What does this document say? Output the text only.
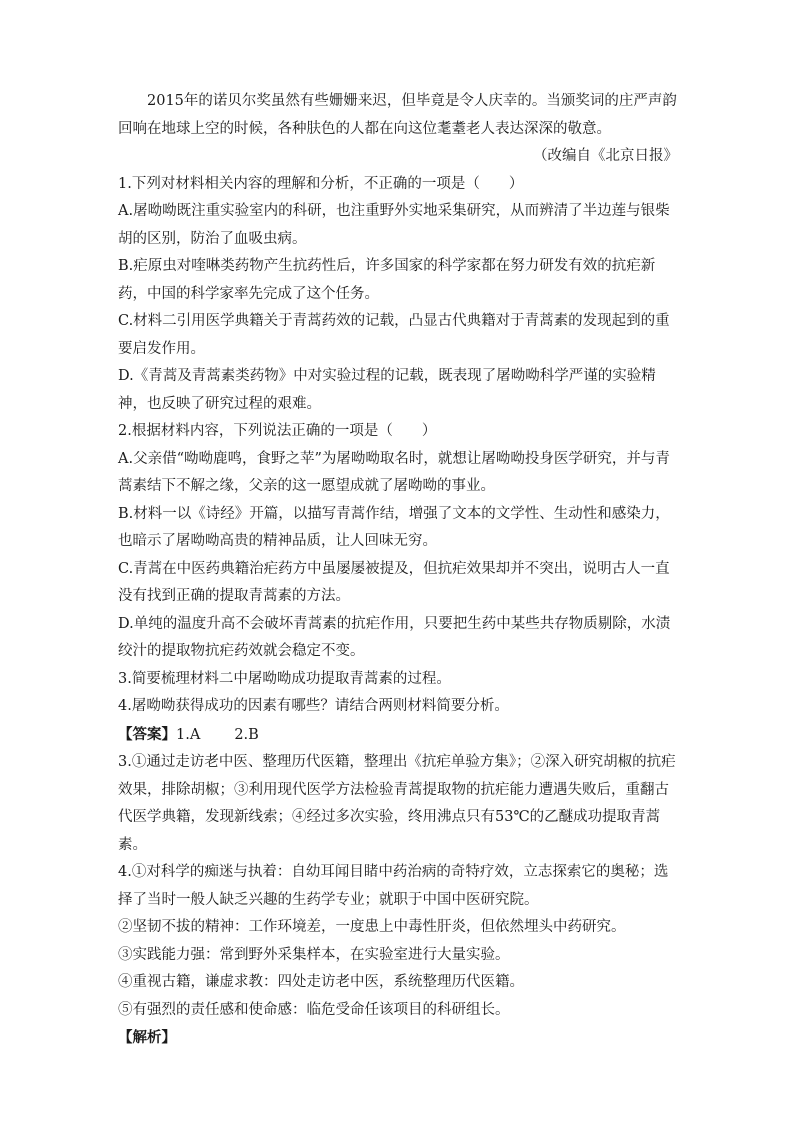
2015年的诺贝尔奖虽然有些姗姗来迟，但毕竟是令人庆幸的。当颁奖词的庄严声韵回响在地球上空的时候，各种肤色的人都在向这位耄耋老人表达深深的敬意。

（改编自《北京日报》

1.下列对材料相关内容的理解和分析，不正确的一项是（　　）

A.屠呦呦既注重实验室内的科研，也注重野外实地采集研究，从而辨清了半边莲与银柴胡的区别，防治了血吸虫病。

B.疟原虫对喹啉类药物产生抗药性后，许多国家的科学家都在努力研发有效的抗疟新药，中国的科学家率先完成了这个任务。

C.材料二引用医学典籍关于青蒿药效的记载，凸显古代典籍对于青蒿素的发现起到的重要启发作用。

D.《青蒿及青蒿素类药物》中对实验过程的记载，既表现了屠呦呦科学严谨的实验精神，也反映了研究过程的艰难。

2.根据材料内容，下列说法正确的一项是（　　）

A.父亲借“呦呦鹿鸣，食野之苹”为屠呦呦取名时，就想让屠呦呦投身医学研究，并与青蒿素结下不解之缘，父亲的这一愿望成就了屠呦呦的事业。

B.材料一以《诗经》开篇，以描写青蒿作结，增强了文本的文学性、生动性和感染力，也暗示了屠呦呦高贵的精神品质，让人回味无穷。

C.青蒿在中医药典籍治疟药方中虽屡屡被提及，但抗疟效果却并不突出，说明古人一直没有找到正确的提取青蒿素的方法。

D.单纯的温度升高不会破坏青蒿素的抗疟作用，只要把生药中某些共存物质剔除，水渍绞汁的提取物抗疟药效就会稳定不变。

3.简要梳理材料二中屠呦呦成功提取青蒿素的过程。

4.屠呦呦获得成功的因素有哪些？请结合两则材料简要分析。

【答案】1.A 2.B

3.①通过走访老中医、整理历代医籍，整理出《抗疟单验方集》；②深入研究胡椒的抗疟效果，排除胡椒；③利用现代医学方法检验青蒿提取物的抗疟能力遭遇失败后，重翻古代医学典籍，发现新线索；④经过多次实验，终用沸点只有53℃的乙醚成功提取青蒿素。

4.①对科学的痴迷与执着：自幼耳闻目睹中药治病的奇特疗效，立志探索它的奥秘；选择了当时一般人缺乏兴趣的生药学专业；就职于中国中医研究院。

②坚韧不拔的精神：工作环境差，一度患上中毒性肝炎，但依然埋头中药研究。

③实践能力强：常到野外采集样本，在实验室进行大量实验。

④重视古籍，谦虚求教：四处走访老中医，系统整理历代医籍。

⑤有强烈的责任感和使命感：临危受命任该项目的科研组长。

【解析】
